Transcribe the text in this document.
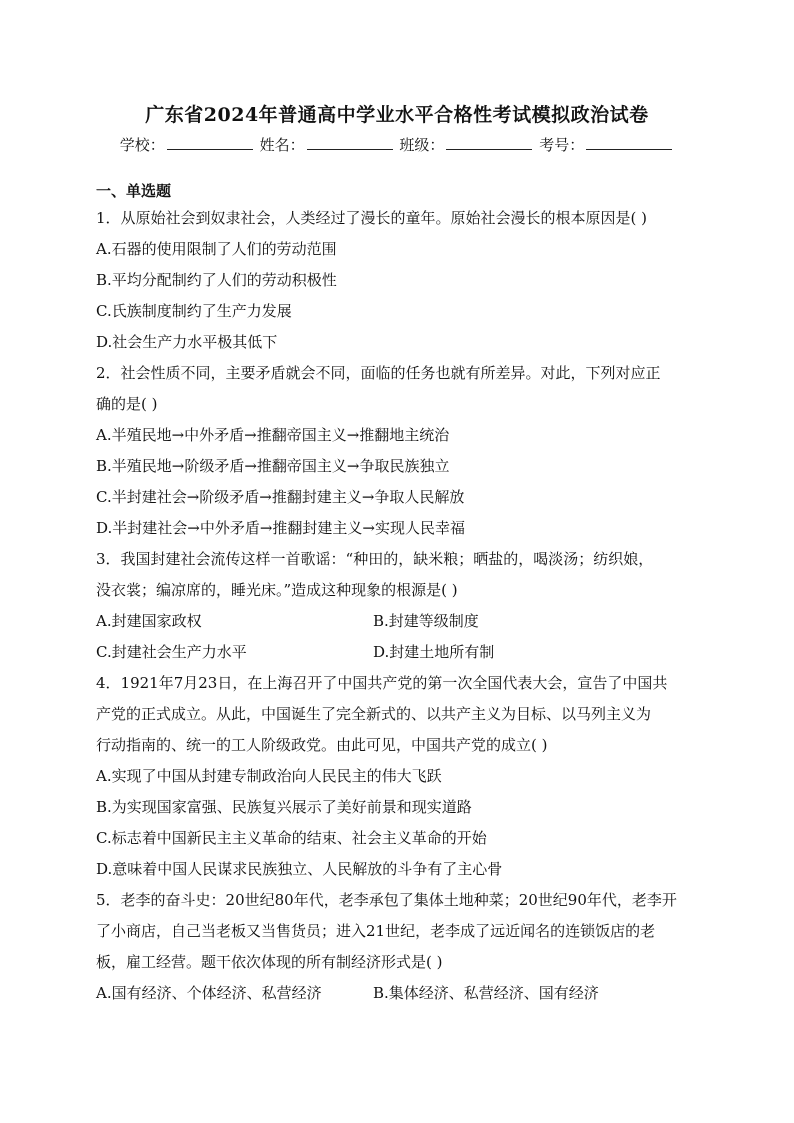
广东省2024年普通高中学业水平合格性考试模拟政治试卷
学校：	姓名：	班级：	考号：
一、单选题

1．从原始社会到奴隶社会，人类经过了漫长的童年。原始社会漫长的根本原因是( )

A.石器的使用限制了人们的劳动范围

B.平均分配制约了人们的劳动积极性

C.氏族制度制约了生产力发展

D.社会生产力水平极其低下

2．社会性质不同，主要矛盾就会不同，面临的任务也就有所差异。对此，下列对应正

确的是( )

A.半殖民地→中外矛盾→推翻帝国主义→推翻地主统治

B.半殖民地→阶级矛盾→推翻帝国主义→争取民族独立

C.半封建社会→阶级矛盾→推翻封建主义→争取人民解放

D.半封建社会→中外矛盾→推翻封建主义→实现人民幸福

3．我国封建社会流传这样一首歌谣：“种田的，缺米粮；晒盐的，喝淡汤；纺织娘，

没衣裳；编凉席的，睡光床。”造成这种现象的根源是( )

A.封建国家政权	B.封建等级制度
C.封建社会生产力水平	D.封建土地所有制

4．1921年7月23日，在上海召开了中国共产党的第一次全国代表大会，宣告了中国共

产党的正式成立。从此，中国诞生了完全新式的、以共产主义为目标、以马列主义为

行动指南的、统一的工人阶级政党。由此可见，中国共产党的成立( )

A.实现了中国从封建专制政治向人民民主的伟大飞跃

B.为实现国家富强、民族复兴展示了美好前景和现实道路

C.标志着中国新民主主义革命的结束、社会主义革命的开始

D.意味着中国人民谋求民族独立、人民解放的斗争有了主心骨

5．老李的奋斗史：20世纪80年代，老李承包了集体土地种菜；20世纪90年代，老李开

了小商店，自己当老板又当售货员；进入21世纪，老李成了远近闻名的连锁饭店的老

板，雇工经营。题干依次体现的所有制经济形式是( )

A.国有经济、个体经济、私营经济	B.集体经济、私营经济、国有经济
